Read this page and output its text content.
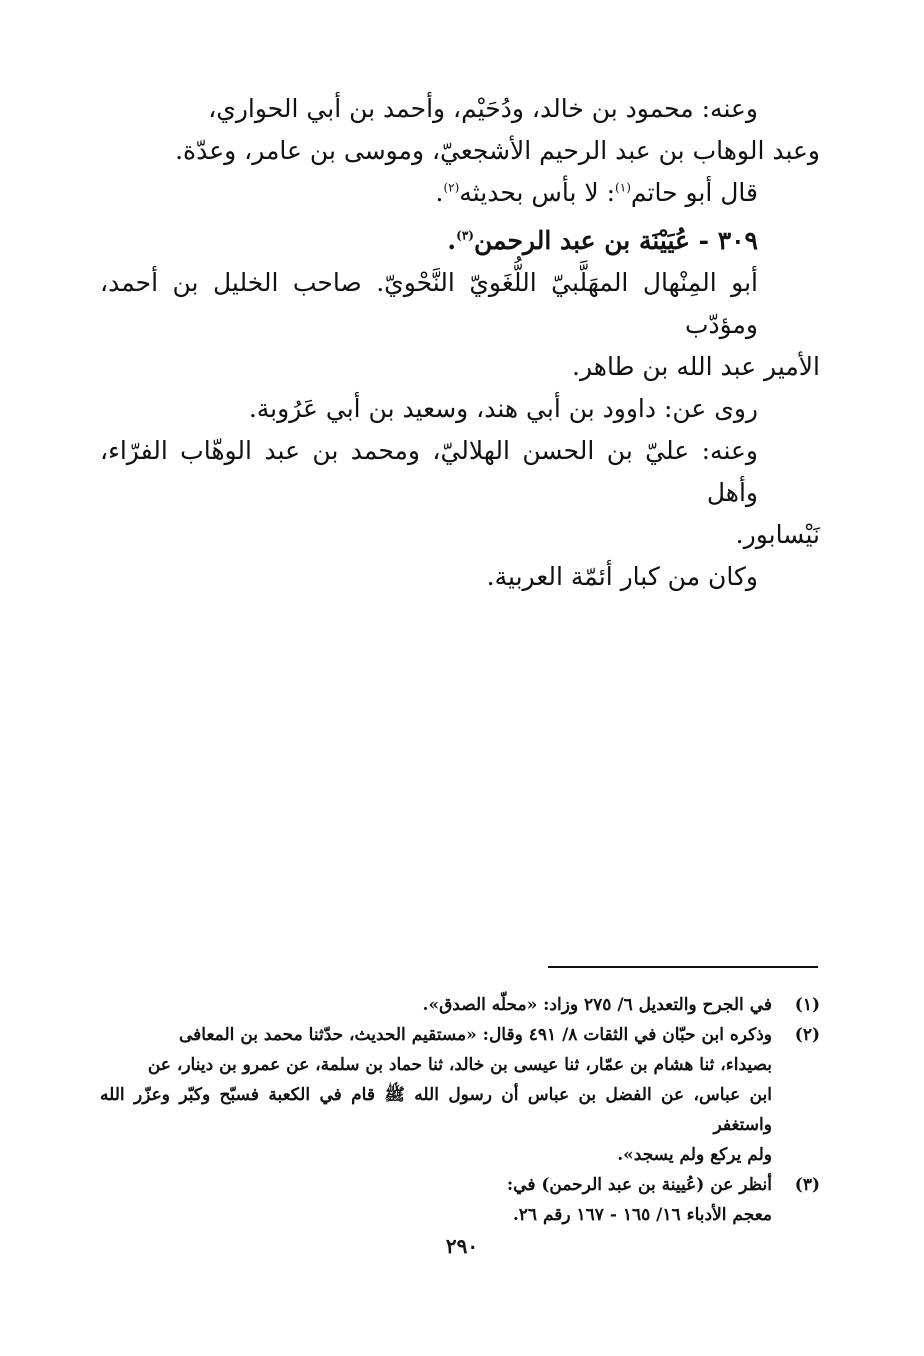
وعنه: محمود بن خالد، ودُحَيْم، وأحمد بن أبي الحواري،

وعبد الوهاب بن عبد الرحيم الأشجعيّ، وموسى بن عامر، وعدّة.

قال أبو حاتم$^{(١)}$: لا بأس بحديثه$^{(٢)}$.

٣٠٩ - عُيَيْنَة بن عبد الرحمن$^{(٣)}$.

أبو المِنْهال المهَلَّبيّ اللُّغَويّ النَّحْويّ. صاحب الخليل بن أحمد، ومؤدّب

الأمير عبد الله بن طاهر.

روى عن: داوود بن أبي هند، وسعيد بن أبي عَرُوبة.

وعنه: عليّ بن الحسن الهلاليّ، ومحمد بن عبد الوهّاب الفرّاء، وأهل

نَيْسابور.

وكان من كبار أئمّة العربية.

(١)

في الجرح والتعديل ٦/ ٢٧٥ وزاد: «محلّه الصدق».

(٢)

وذكره ابن حبّان في الثقات ٨/ ٤٩١ وقال: «مستقيم الحديث، حدّثنا محمد بن المعافى

بصيداء، ثنا هشام بن عمّار، ثنا عيسى بن خالد، ثنا حماد بن سلمة، عن عمرو بن دينار، عن

ابن عباس، عن الفضل بن عباس أن رسول الله ﷺ قام في الكعبة فسبّح وكبّر وعزّر الله واستغفر

ولم يركع ولم يسجد».

(٣)

أنظر عن (عُيينة بن عبد الرحمن) في:

معجم الأدباء ١٦/ ١٦٥ - ١٦٧ رقم ٢٦.

٢٩٠
